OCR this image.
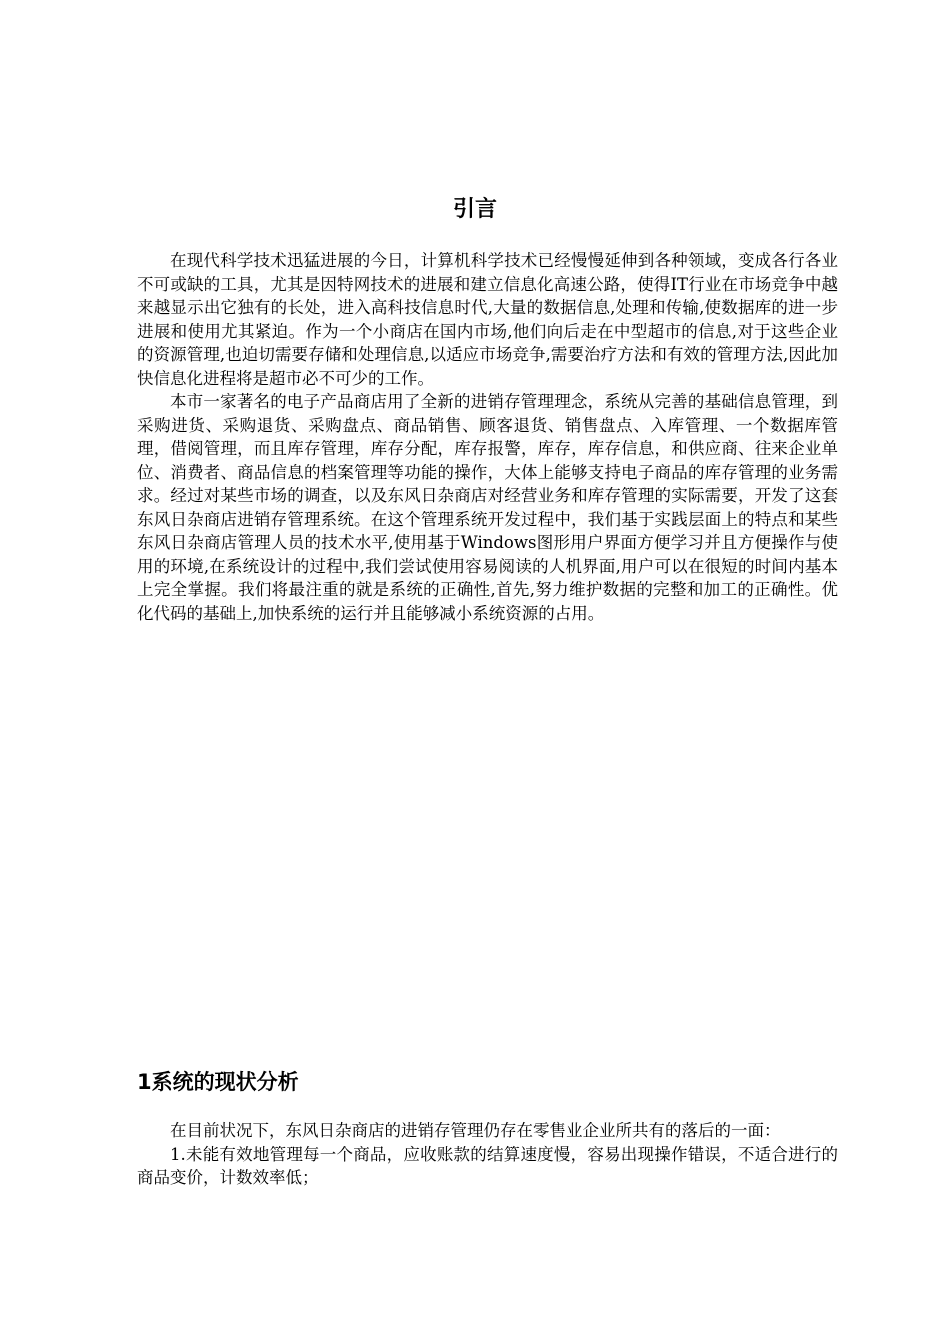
引言

在现代科学技术迅猛进展的今日，计算机科学技术已经慢慢延伸到各种领域，变成各行各业不可或缺的工具，尤其是因特网技术的进展和建立信息化高速公路，使得IT行业在市场竞争中越来越显示出它独有的长处，进入高科技信息时代,大量的数据信息,处理和传输,使数据库的进一步进展和使用尤其紧迫。作为一个小商店在国内市场,他们向后走在中型超市的信息,对于这些企业的资源管理,也迫切需要存储和处理信息,以适应市场竞争,需要治疗方法和有效的管理方法,因此加快信息化进程将是超市必不可少的工作。

本市一家著名的电子产品商店用了全新的进销存管理理念，系统从完善的基础信息管理，到采购进货、采购退货、采购盘点、商品销售、顾客退货、销售盘点、入库管理、一个数据库管理，借阅管理，而且库存管理，库存分配，库存报警，库存，库存信息，和供应商、往来企业单位、消费者、商品信息的档案管理等功能的操作，大体上能够支持电子商品的库存管理的业务需求。经过对某些市场的调查，以及东风日杂商店对经营业务和库存管理的实际需要，开发了这套东风日杂商店进销存管理系统。在这个管理系统开发过程中，我们基于实践层面上的特点和某些东风日杂商店管理人员的技术水平,使用基于Windows图形用户界面方便学习并且方便操作与使用的环境,在系统设计的过程中,我们尝试使用容易阅读的人机界面,用户可以在很短的时间内基本上完全掌握。我们将最注重的就是系统的正确性,首先,努力维护数据的完整和加工的正确性。优化代码的基础上,加快系统的运行并且能够减小系统资源的占用。

1系统的现状分析

在目前状况下，东风日杂商店的进销存管理仍存在零售业企业所共有的落后的一面：

1.未能有效地管理每一个商品，应收账款的结算速度慢，容易出现操作错误，不适合进行的商品变价，计数效率低；
